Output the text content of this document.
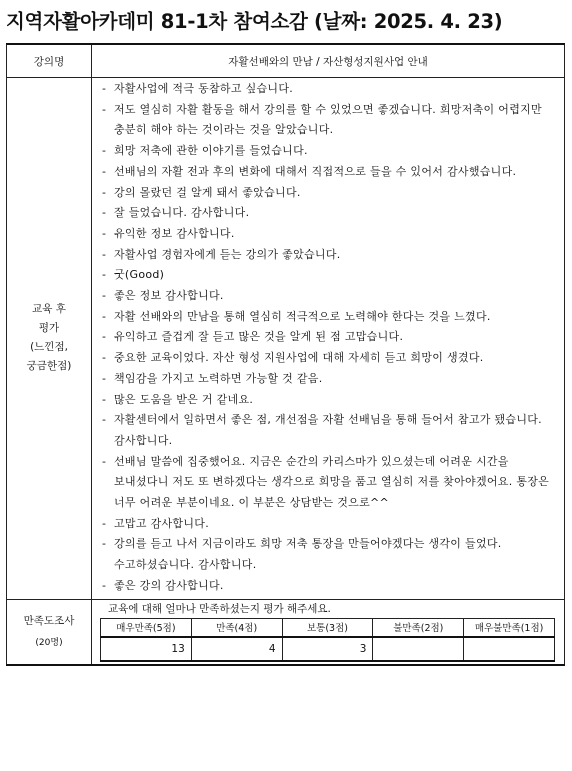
지역자활아카데미 81-1차 참여소감 (날짜: 2025. 4. 23)
강의명	자활선배와의 만남 / 자산형성지원사업 안내

교육 후
평가
(느낀점,
궁금한점)

- 자활사업에 적극 동참하고 싶습니다.
- 저도 열심히 자활 활동을 해서 강의를 할 수 있었으면 좋겠습니다. 희망저축이 어렵지만 충분히 해야 하는 것이라는 것을 알았습니다.
- 희망 저축에 관한 이야기를 들었습니다.
- 선배님의 자활 전과 후의 변화에 대해서 직접적으로 들을 수 있어서 감사했습니다.
- 강의 몰랐던 걸 알게 돼서 좋았습니다.
- 잘 들었습니다. 감사합니다.
- 유익한 정보 감사합니다.
- 자활사업 경험자에게 듣는 강의가 좋았습니다.
- 굿(Good)
- 좋은 정보 감사합니다.
- 자활 선배와의 만남을 통해 열심히 적극적으로 노력해야 한다는 것을 느꼈다.
- 유익하고 즐겁게 잘 듣고 많은 것을 알게 된 점 고맙습니다.
- 중요한 교육이었다. 자산 형성 지원사업에 대해 자세히 듣고 희망이 생겼다.
- 책임감을 가지고 노력하면 가능할 것 같음.
- 많은 도움을 받은 거 같네요.
- 자활센터에서 일하면서 좋은 점, 개선점을 자활 선배님을 통해 들어서 참고가 됐습니다. 감사합니다.
- 선배님 말씀에 집중했어요. 지금은 순간의 카리스마가 있으셨는데 어려운 시간을 보내셨다니 저도 또 변하겠다는 생각으로 희망을 품고 열심히 저를 찾아야겠어요. 통장은 너무 어려운 부분이네요. 이 부분은 상담받는 것으로^^
- 고맙고 감사합니다.
- 강의를 듣고 나서 지금이라도 희망 저축 통장을 만들어야겠다는 생각이 들었다. 수고하셨습니다. 감사합니다.
- 좋은 강의 감사합니다.

만족도조사
(20명)

교육에 대해 얼마나 만족하셨는지 평가 해주세요.
매우만족(5점)	만족(4점)	보통(3점)	불만족(2점)	매우불만족(1점)
13	4	3		
